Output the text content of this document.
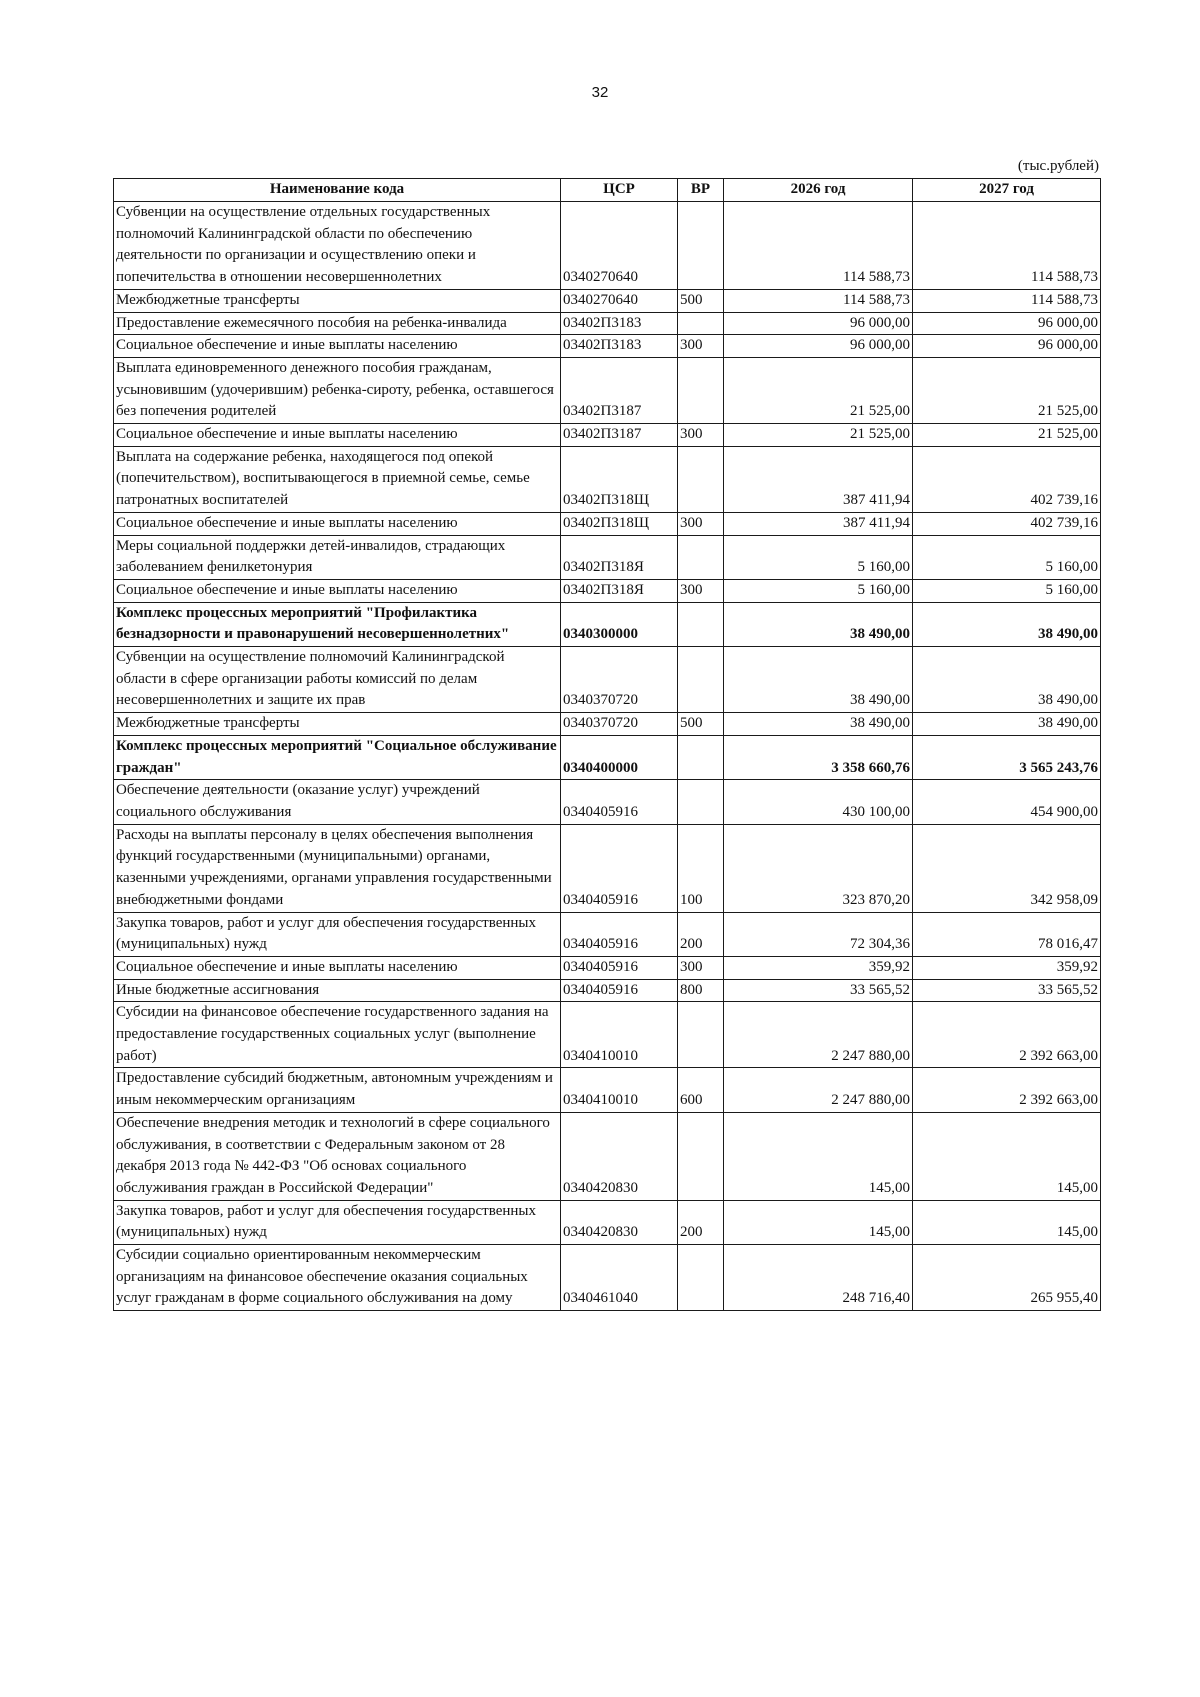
32
(тыс.рублей)
Наименование кода	ЦСР	ВР	2026 год	2027 год
Субвенции на осуществление отдельных государственных полномочий Калининградской области по обеспечению деятельности по организации и осуществлению опеки и попечительства в отношении несовершеннолетних	0340270640		114 588,73	114 588,73
Межбюджетные трансферты	0340270640	500	114 588,73	114 588,73
Предоставление ежемесячного пособия на ребенка-инвалида	03402П3183		96 000,00	96 000,00
Социальное обеспечение и иные выплаты населению	03402П3183	300	96 000,00	96 000,00
Выплата единовременного денежного пособия гражданам, усыновившим (удочерившим) ребенка-сироту, ребенка, оставшегося без попечения родителей	03402П3187		21 525,00	21 525,00
Социальное обеспечение и иные выплаты населению	03402П3187	300	21 525,00	21 525,00
Выплата на содержание ребенка, находящегося под опекой (попечительством), воспитывающегося в приемной семье, семье патронатных воспитателей	03402П318Щ		387 411,94	402 739,16
Социальное обеспечение и иные выплаты населению	03402П318Щ	300	387 411,94	402 739,16
Меры социальной поддержки детей-инвалидов, страдающих заболеванием фенилкетонурия	03402П318Я		5 160,00	5 160,00
Социальное обеспечение и иные выплаты населению	03402П318Я	300	5 160,00	5 160,00
Комплекс процессных мероприятий "Профилактика безнадзорности и правонарушений несовершеннолетних"	0340300000		38 490,00	38 490,00
Субвенции на осуществление полномочий Калининградской области в сфере организации работы комиссий по делам несовершеннолетних и защите их прав	0340370720		38 490,00	38 490,00
Межбюджетные трансферты	0340370720	500	38 490,00	38 490,00
Комплекс процессных мероприятий "Социальное обслуживание граждан"	0340400000		3 358 660,76	3 565 243,76
Обеспечение деятельности (оказание услуг) учреждений социального обслуживания	0340405916		430 100,00	454 900,00
Расходы на выплаты персоналу в целях обеспечения выполнения функций государственными (муниципальными) органами, казенными учреждениями, органами управления государственными внебюджетными фондами	0340405916	100	323 870,20	342 958,09
Закупка товаров, работ и услуг для обеспечения государственных (муниципальных) нужд	0340405916	200	72 304,36	78 016,47
Социальное обеспечение и иные выплаты населению	0340405916	300	359,92	359,92
Иные бюджетные ассигнования	0340405916	800	33 565,52	33 565,52
Субсидии на финансовое обеспечение государственного задания на предоставление государственных социальных услуг (выполнение работ)	0340410010		2 247 880,00	2 392 663,00
Предоставление субсидий бюджетным, автономным учреждениям и иным некоммерческим организациям	0340410010	600	2 247 880,00	2 392 663,00
Обеспечение внедрения методик и технологий в сфере социального обслуживания, в соответствии с Федеральным законом от 28 декабря 2013 года № 442-ФЗ "Об основах социального обслуживания граждан в Российской Федерации"	0340420830		145,00	145,00
Закупка товаров, работ и услуг для обеспечения государственных (муниципальных) нужд	0340420830	200	145,00	145,00
Субсидии социально ориентированным некоммерческим организациям на финансовое обеспечение оказания социальных услуг гражданам в форме социального обслуживания на дому	0340461040		248 716,40	265 955,40
